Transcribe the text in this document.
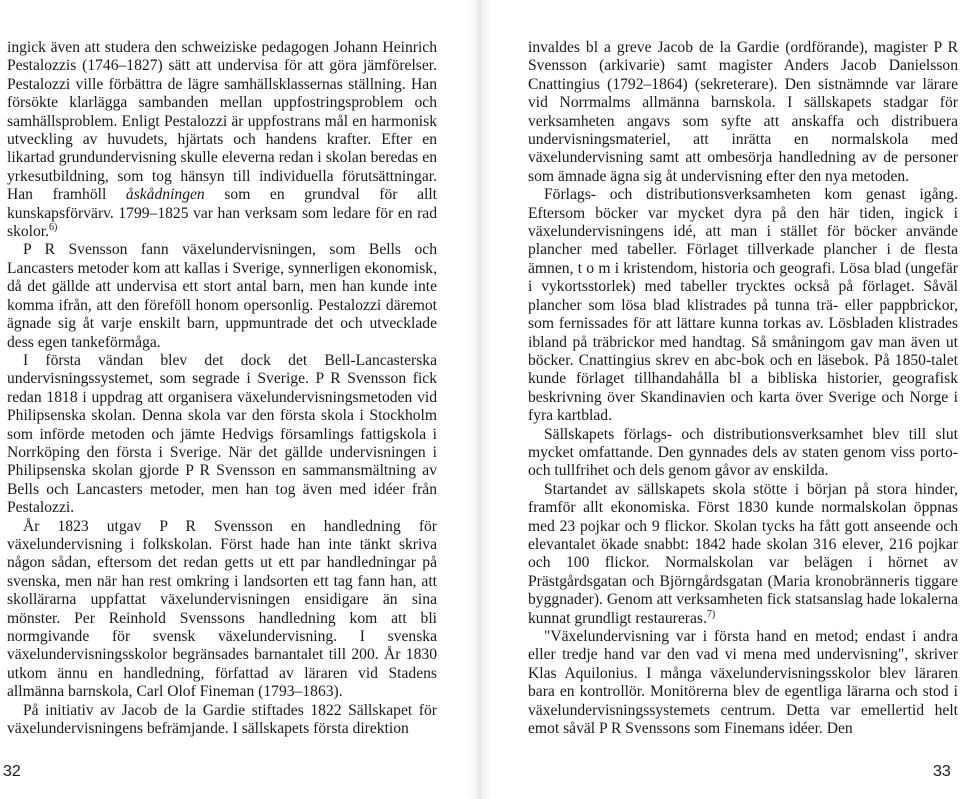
ingick även att studera den schweiziske pedagogen Johann Heinrich Pestalozzis (1746–1827) sätt att undervisa för att göra jämförelser. Pestalozzi ville förbättra de lägre samhällsklassernas ställning. Han försökte klarlägga sambanden mellan uppfostringsproblem och samhällsproblem. Enligt Pestalozzi är uppfostrans mål en harmonisk utveckling av huvudets, hjärtats och handens krafter. Efter en likartad grundundervisning skulle eleverna redan i skolan beredas en yrkesutbildning, som tog hänsyn till individuella förutsättningar. Han framhöll åskådningen som en grundval för allt kunskapsförvärv. 1799–1825 var han verksam som ledare för en rad skolor.$^{6)}$

P R Svensson fann växelundervisningen, som Bells och Lancasters metoder kom att kallas i Sverige, synnerligen ekonomisk, då det gällde att undervisa ett stort antal barn, men han kunde inte komma ifrån, att den föreföll honom opersonlig. Pestalozzi däremot ägnade sig åt varje enskilt barn, uppmuntrade det och utvecklade dess egen tankeförmåga.

I första vändan blev det dock det Bell-Lancasterska undervisningssystemet, som segrade i Sverige. P R Svensson fick redan 1818 i uppdrag att organisera växelundervisningsmetoden vid Philipsenska skolan. Denna skola var den första skola i Stockholm som införde metoden och jämte Hedvigs församlings fattigskola i Norrköping den första i Sverige. När det gällde undervisningen i Philipsenska skolan gjorde P R Svensson en sammansmältning av Bells och Lancasters metoder, men han tog även med idéer från Pestalozzi.

År 1823 utgav P R Svensson en handledning för växelundervisning i folkskolan. Först hade han inte tänkt skriva någon sådan, eftersom det redan getts ut ett par handledningar på svenska, men när han rest omkring i landsorten ett tag fann han, att skollärarna uppfattat växelundervisningen ensidigare än sina mönster. Per Reinhold Svenssons handledning kom att bli normgivande för svensk växelundervisning. I svenska växelundervisningsskolor begränsades barnantalet till 200. År 1830 utkom ännu en handledning, författad av läraren vid Stadens allmänna barnskola, Carl Olof Fineman (1793–1863).

På initiativ av Jacob de la Gardie stiftades 1822 Sällskapet för växelundervisningens befrämjande. I sällskapets första direktion

32

invaldes bl a greve Jacob de la Gardie (ordförande), magister P R Svensson (arkivarie) samt magister Anders Jacob Danielsson Cnattingius (1792–1864) (sekreterare). Den sistnämnde var lärare vid Norrmalms allmänna barnskola. I sällskapets stadgar för verksamheten angavs som syfte att anskaffa och distribuera undervisningsmateriel, att inrätta en normalskola med växelundervisning samt att ombesörja handledning av de personer som ämnade ägna sig åt undervisning efter den nya metoden.

Förlags- och distributionsverksamheten kom genast igång. Eftersom böcker var mycket dyra på den här tiden, ingick i växelundervisningens idé, att man i stället för böcker använde plancher med tabeller. Förlaget tillverkade plancher i de flesta ämnen, t o m i kristendom, historia och geografi. Lösa blad (ungefär i vykortsstorlek) med tabeller trycktes också på förlaget. Såväl plancher som lösa blad klistrades på tunna trä- eller pappbrickor, som fernissades för att lättare kunna torkas av. Lösbladen klistrades ibland på träbrickor med handtag. Så småningom gav man även ut böcker. Cnattingius skrev en abc-bok och en läsebok. På 1850-talet kunde förlaget tillhandahålla bl a bibliska historier, geografisk beskrivning över Skandinavien och karta över Sverige och Norge i fyra kartblad.

Sällskapets förlags- och distributionsverksamhet blev till slut mycket omfattande. Den gynnades dels av staten genom viss porto- och tullfrihet och dels genom gåvor av enskilda.

Startandet av sällskapets skola stötte i början på stora hinder, framför allt ekonomiska. Först 1830 kunde normalskolan öppnas med 23 pojkar och 9 flickor. Skolan tycks ha fått gott anseende och elevantalet ökade snabbt: 1842 hade skolan 316 elever, 216 pojkar och 100 flickor. Normalskolan var belägen i hörnet av Prästgårdsgatan och Björngårdsgatan (Maria kronobränneris tiggare byggnader). Genom att verksamheten fick statsanslag hade lokalerna kunnat grundligt restaureras.$^{7)}$

"Växelundervisning var i första hand en metod; endast i andra eller tredje hand var den vad vi mena med undervisning", skriver Klas Aquilonius. I många växelundervisningsskolor blev läraren bara en kontrollör. Monitörerna blev de egentliga lärarna och stod i växelundervisningssystemets centrum. Detta var emellertid helt emot såväl P R Svenssons som Finemans idéer. Den

33
